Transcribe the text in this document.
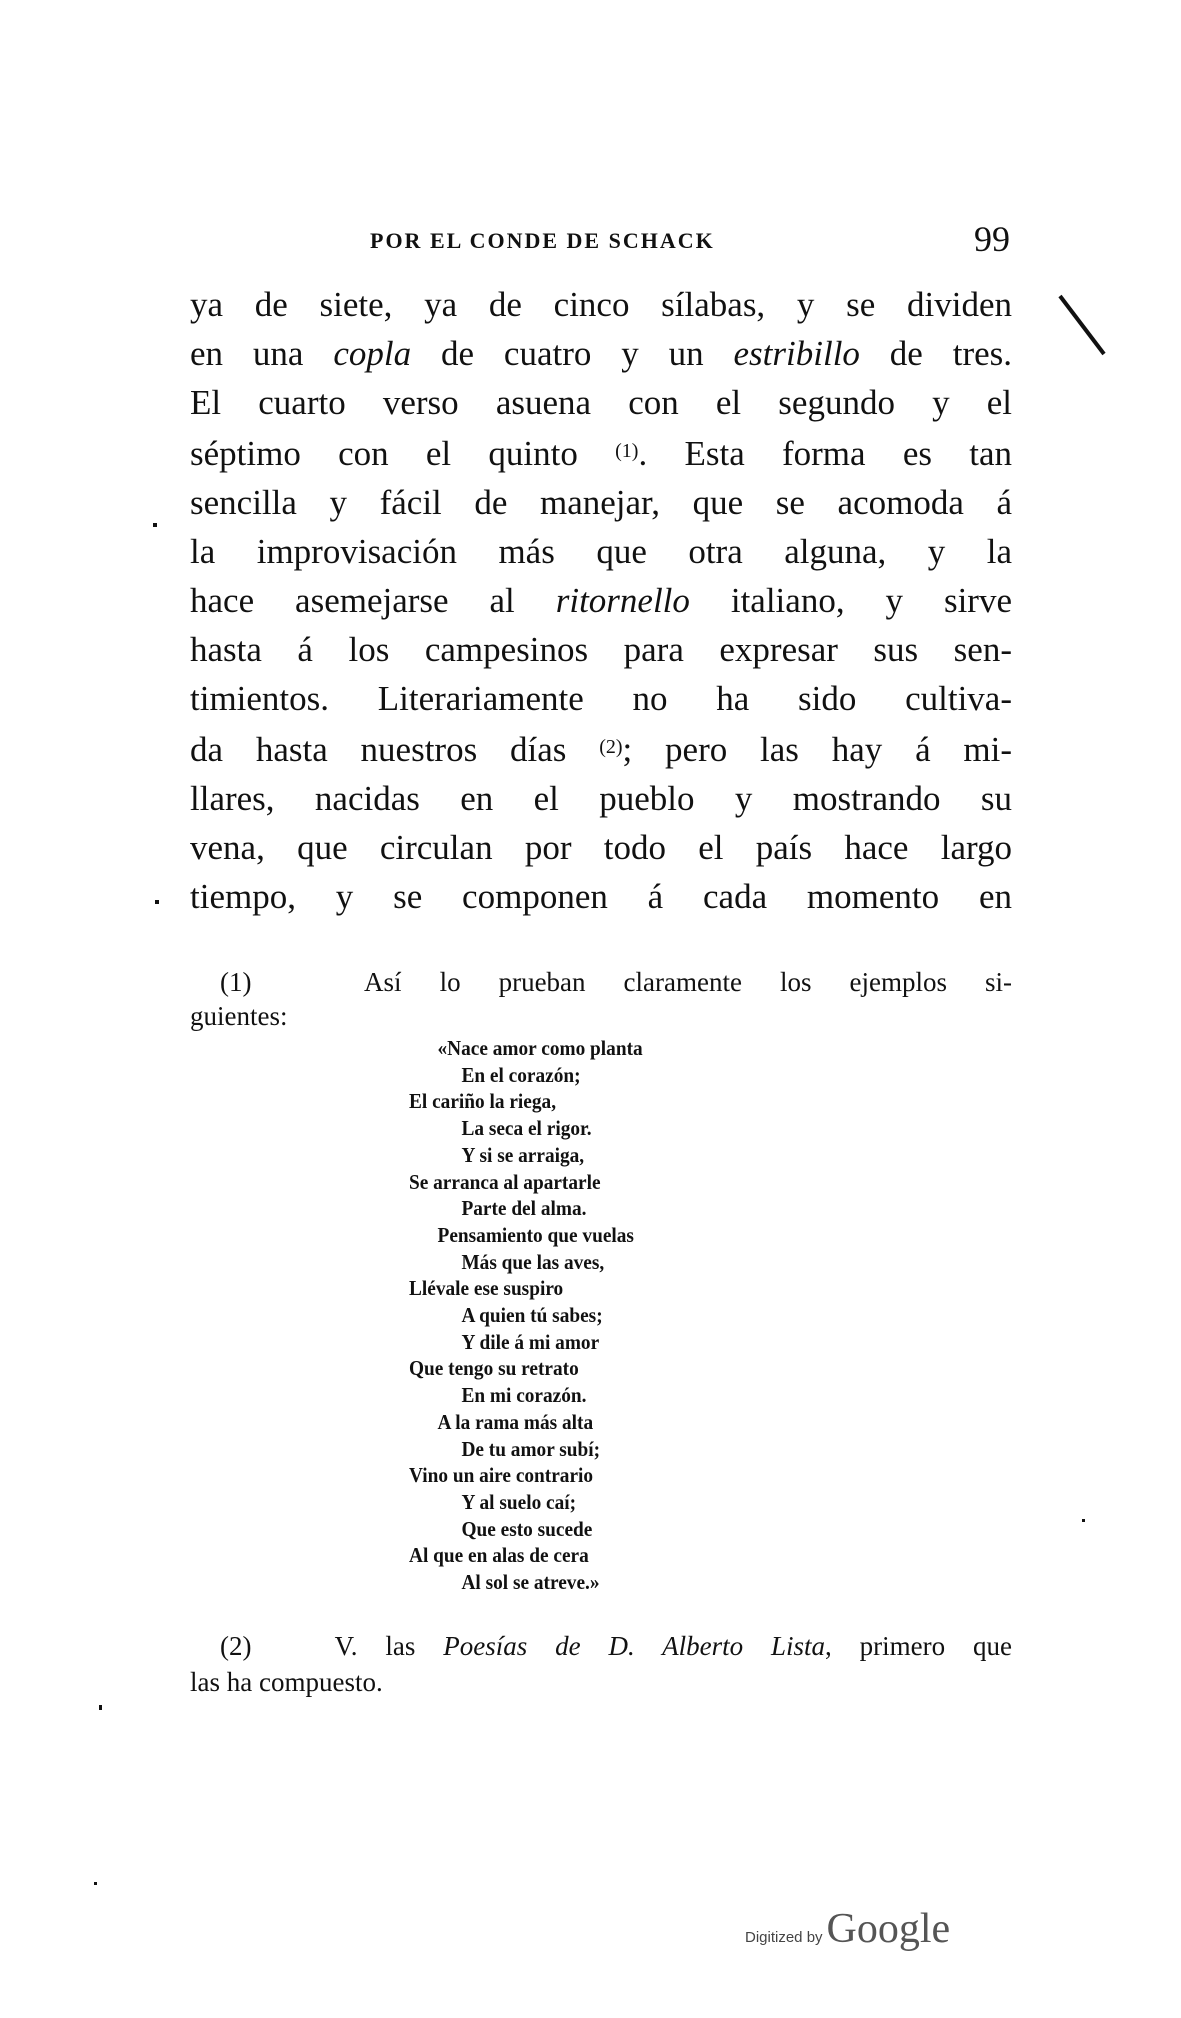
POR EL CONDE DE SCHACK	99
ya de siete, ya de cinco sílabas, y se dividen
en una copla de cuatro y un estribillo de tres.
El cuarto verso asuena con el segundo y el
séptimo con el quinto $^{(1)}$. Esta forma es tan
sencilla y fácil de manejar, que se acomoda á
la improvisación más que otra alguna, y la
hace asemejarse al ritornello italiano, y sirve
hasta á los campesinos para expresar sus sen-
timientos. Literariamente no ha sido cultiva-
da hasta nuestros días $^{(2)}$; pero las hay á mi-
llares, nacidas en el pueblo y mostrando su
vena, que circulan por todo el país hace largo
tiempo, y se componen á cada momento en
(1)	Así lo prueban claramente los ejemplos si-
guientes:
«Nace amor como planta
En el corazón;
El cariño la riega,
La seca el rigor.
Y si se arraiga,
Se arranca al apartarle
Parte del alma.
Pensamiento que vuelas
Más que las aves,
Llévale ese suspiro
A quien tú sabes;
Y dile á mi amor
Que tengo su retrato
En mi corazón.
A la rama más alta
De tu amor subí;
Vino un aire contrario
Y al suelo caí;
Que esto sucede
Al que en alas de cera
Al sol se atreve.»
(2)	V. las Poesías de D. Alberto Lista, primero que
las ha compuesto.
Digitized by Google
